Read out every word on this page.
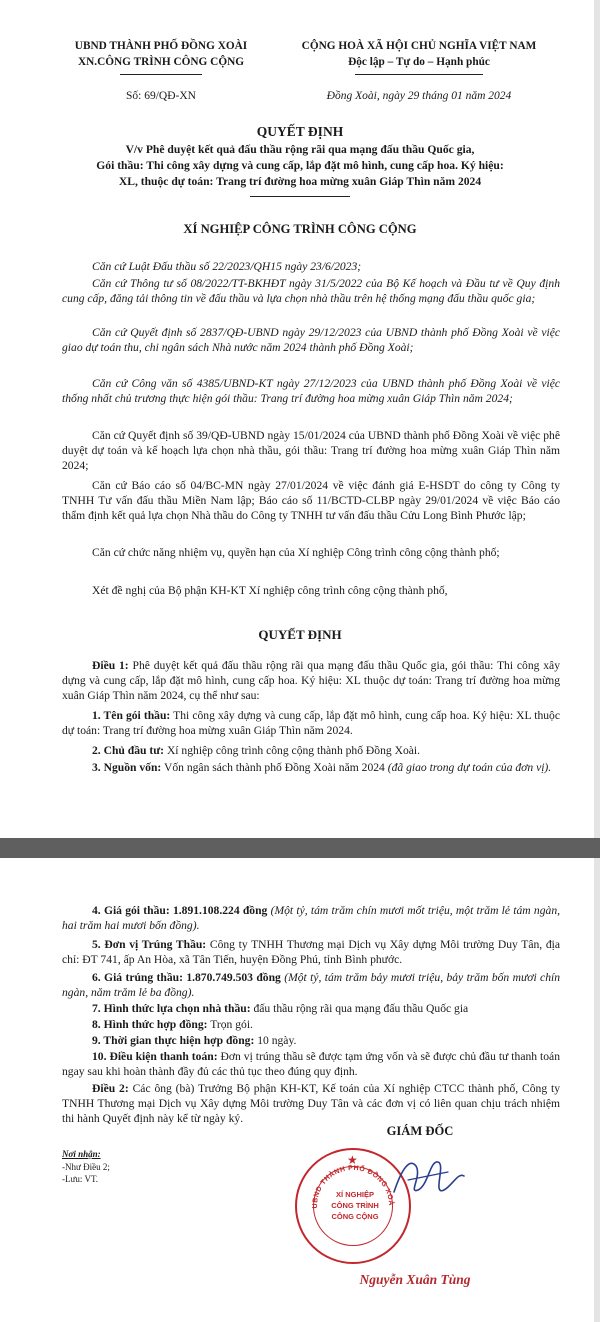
UBND THÀNH PHỐ ĐỒNG XOÀI
XN.CÔNG TRÌNH CÔNG CỘNG
CỘNG HOÀ XÃ HỘI CHỦ NGHĨA VIỆT NAM
Độc lập – Tự do – Hạnh phúc
Số: 69/QĐ-XN	Đồng Xoài, ngày 29 tháng 01 năm 2024
QUYẾT ĐỊNH
V/v Phê duyệt kết quả đấu thầu rộng rãi qua mạng đấu thầu Quốc gia,
Gói thầu: Thi công xây dựng và cung cấp, lắp đặt mô hình, cung cấp hoa. Ký hiệu:
XL, thuộc dự toán: Trang trí đường hoa mừng xuân Giáp Thìn năm 2024
XÍ NGHIỆP CÔNG TRÌNH CÔNG CỘNG

Căn cứ Luật Đấu thầu số 22/2023/QH15 ngày 23/6/2023;

Căn cứ Thông tư số 08/2022/TT-BKHĐT ngày 31/5/2022 của Bộ Kế hoạch và Đầu tư về Quy định cung cấp, đăng tải thông tin về đấu thầu và lựa chọn nhà thầu trên hệ thống mạng đấu thầu quốc gia;

Căn cứ Quyết định số 2837/QĐ-UBND ngày 29/12/2023 của UBND thành phố Đồng Xoài về việc giao dự toán thu, chi ngân sách Nhà nước năm 2024 thành phố Đồng Xoài;

Căn cứ Công văn số 4385/UBND-KT ngày 27/12/2023 của UBND thành phố Đồng Xoài về việc thống nhất chủ trương thực hiện gói thầu: Trang trí đường hoa mừng xuân Giáp Thìn năm 2024;

Căn cứ Quyết định số 39/QĐ-UBND ngày 15/01/2024 của UBND thành phố Đồng Xoài về việc phê duyệt dự toán và kế hoạch lựa chọn nhà thầu, gói thầu: Trang trí đường hoa mừng xuân Giáp Thìn năm 2024;

Căn cứ Báo cáo số 04/BC-MN ngày 27/01/2024 về việc đánh giá E-HSDT do công ty Công ty TNHH Tư vấn đấu thầu Miền Nam lập; Báo cáo số 11/BCTD-CLBP ngày 29/01/2024 về việc Báo cáo thẩm định kết quả lựa chọn Nhà thầu do Công ty TNHH tư vấn đấu thầu Cửu Long Bình Phước lập;

Căn cứ chức năng nhiệm vụ, quyền hạn của Xí nghiệp Công trình công cộng thành phố;

Xét đề nghị của Bộ phận KH-KT Xí nghiệp công trình công cộng thành phố,

QUYẾT ĐỊNH

Điều 1: Phê duyệt kết quả đấu thầu rộng rãi qua mạng đấu thầu Quốc gia, gói thầu: Thi công xây dựng và cung cấp, lắp đặt mô hình, cung cấp hoa. Ký hiệu: XL thuộc dự toán: Trang trí đường hoa mừng xuân Giáp Thìn năm 2024, cụ thể như sau:

1. Tên gói thầu: Thi công xây dựng và cung cấp, lắp đặt mô hình, cung cấp hoa. Ký hiệu: XL thuộc dự toán: Trang trí đường hoa mừng xuân Giáp Thìn năm 2024.

2. Chủ đầu tư: Xí nghiệp công trình công cộng thành phố Đồng Xoài.

3. Nguồn vốn: Vốn ngân sách thành phố Đồng Xoài năm 2024 (đã giao trong dự toán của đơn vị).

4. Giá gói thầu: 1.891.108.224 đồng (Một tỷ, tám trăm chín mươi mốt triệu, một trăm lẻ tám ngàn, hai trăm hai mươi bốn đồng).

5. Đơn vị Trúng Thầu: Công ty TNHH Thương mại Dịch vụ Xây dựng Môi trường Duy Tân, địa chỉ: ĐT 741, ấp An Hòa, xã Tân Tiến, huyện Đồng Phú, tỉnh Bình phước.

6. Giá trúng thầu: 1.870.749.503 đồng (Một tỷ, tám trăm bảy mươi triệu, bảy trăm bốn mươi chín ngàn, năm trăm lẻ ba đồng).

7. Hình thức lựa chọn nhà thầu: đấu thầu rộng rãi qua mạng đấu thầu Quốc gia

8. Hình thức hợp đồng: Trọn gói.

9. Thời gian thực hiện hợp đồng: 10 ngày.

10. Điều kiện thanh toán: Đơn vị trúng thầu sẽ được tạm ứng vốn và sẽ được chủ đầu tư thanh toán ngay sau khi hoàn thành đầy đủ các thủ tục theo đúng quy định.

Điều 2: Các ông (bà) Trưởng Bộ phận KH-KT, Kế toán của Xí nghiệp CTCC thành phố, Công ty TNHH Thương mại Dịch vụ Xây dựng Môi trường Duy Tân và các đơn vị có liên quan chịu trách nhiệm thi hành Quyết định này kể từ ngày ký.

Nơi nhận:
-Như Điều 2;
-Lưu: VT.
GIÁM ĐỐC
UBND THÀNH PHỐ ĐỒNG XOÀ
★
XÍ NGHIỆP
CÔNG TRÌNH
CÔNG CỘNG
Nguyễn Xuân Tùng
